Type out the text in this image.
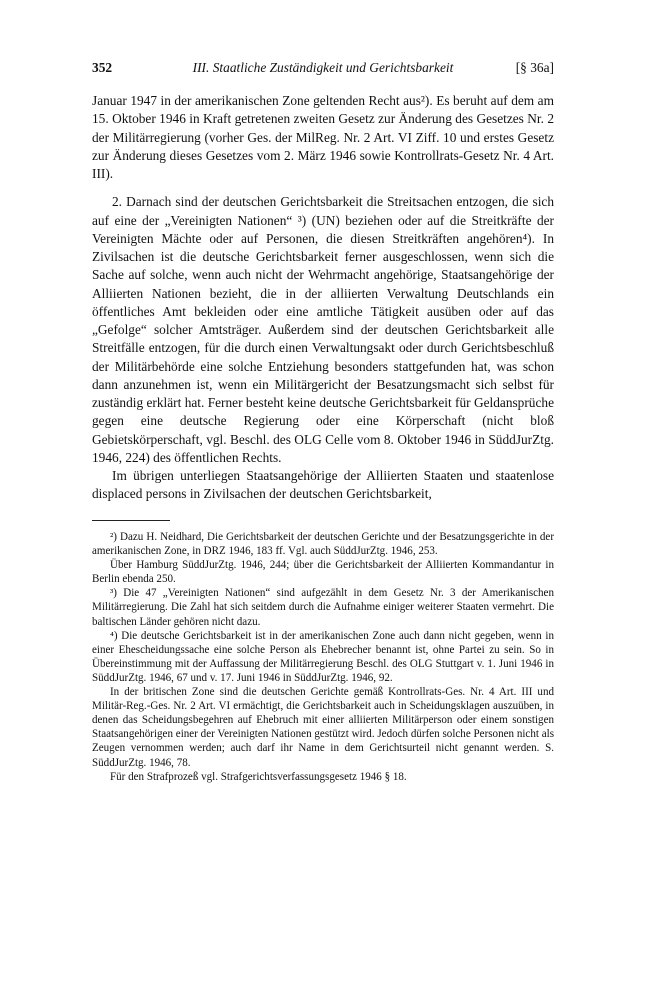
352	III. Staatliche Zuständigkeit und Gerichtsbarkeit	[§ 36a]

Januar 1947 in der amerikanischen Zone geltenden Recht aus²). Es beruht auf dem am 15. Oktober 1946 in Kraft getretenen zweiten Gesetz zur Änderung des Gesetzes Nr. 2 der Militärregierung (vorher Ges. der MilReg. Nr. 2 Art. VI Ziff. 10 und erstes Gesetz zur Änderung dieses Gesetzes vom 2. März 1946 sowie Kontrollrats-Gesetz Nr. 4 Art. III).

2. Darnach sind der deutschen Gerichtsbarkeit die Streitsachen entzogen, die sich auf eine der „Vereinigten Nationen“ ³) (UN) beziehen oder auf die Streitkräfte der Vereinigten Mächte oder auf Personen, die diesen Streitkräften angehören⁴). In Zivilsachen ist die deutsche Gerichtsbarkeit ferner ausgeschlossen, wenn sich die Sache auf solche, wenn auch nicht der Wehrmacht angehörige, Staatsangehörige der Alliierten Nationen bezieht, die in der alliierten Verwaltung Deutschlands ein öffentliches Amt bekleiden oder eine amtliche Tätigkeit ausüben oder auf das „Gefolge“ solcher Amtsträger. Außerdem sind der deutschen Gerichtsbarkeit alle Streitfälle entzogen, für die durch einen Verwaltungsakt oder durch Gerichtsbeschluß der Militärbehörde eine solche Entziehung besonders stattgefunden hat, was schon dann anzunehmen ist, wenn ein Militärgericht der Besatzungsmacht sich selbst für zuständig erklärt hat. Ferner besteht keine deutsche Gerichtsbarkeit für Geldansprüche gegen eine deutsche Regierung oder eine Körperschaft (nicht bloß Gebietskörperschaft, vgl. Beschl. des OLG Celle vom 8. Oktober 1946 in SüddJurZtg. 1946, 224) des öffentlichen Rechts.

Im übrigen unterliegen Staatsangehörige der Alliierten Staaten und staatenlose displaced persons in Zivilsachen der deutschen Gerichtsbarkeit,

²) Dazu H. Neidhard, Die Gerichtsbarkeit der deutschen Gerichte und der Besatzungsgerichte in der amerikanischen Zone, in DRZ 1946, 183 ff. Vgl. auch SüddJurZtg. 1946, 253.

Über Hamburg SüddJurZtg. 1946, 244; über die Gerichtsbarkeit der Alliierten Kommandantur in Berlin ebenda 250.

³) Die 47 „Vereinigten Nationen“ sind aufgezählt in dem Gesetz Nr. 3 der Amerikanischen Militärregierung. Die Zahl hat sich seitdem durch die Aufnahme einiger weiterer Staaten vermehrt. Die baltischen Länder gehören nicht dazu.

⁴) Die deutsche Gerichtsbarkeit ist in der amerikanischen Zone auch dann nicht gegeben, wenn in einer Ehescheidungssache eine solche Person als Ehebrecher benannt ist, ohne Partei zu sein. So in Übereinstimmung mit der Auffassung der Militärregierung Beschl. des OLG Stuttgart v. 1. Juni 1946 in SüddJurZtg. 1946, 67 und v. 17. Juni 1946 in SüddJurZtg. 1946, 92.

In der britischen Zone sind die deutschen Gerichte gemäß Kontrollrats-Ges. Nr. 4 Art. III und Militär-Reg.-Ges. Nr. 2 Art. VI ermächtigt, die Gerichtsbarkeit auch in Scheidungsklagen auszuüben, in denen das Scheidungsbegehren auf Ehebruch mit einer alliierten Militärperson oder einem sonstigen Staatsangehörigen einer der Vereinigten Nationen gestützt wird. Jedoch dürfen solche Personen nicht als Zeugen vernommen werden; auch darf ihr Name in dem Gerichtsurteil nicht genannt werden. S. SüddJurZtg. 1946, 78.

Für den Strafprozeß vgl. Strafgerichtsverfassungsgesetz 1946 § 18.
